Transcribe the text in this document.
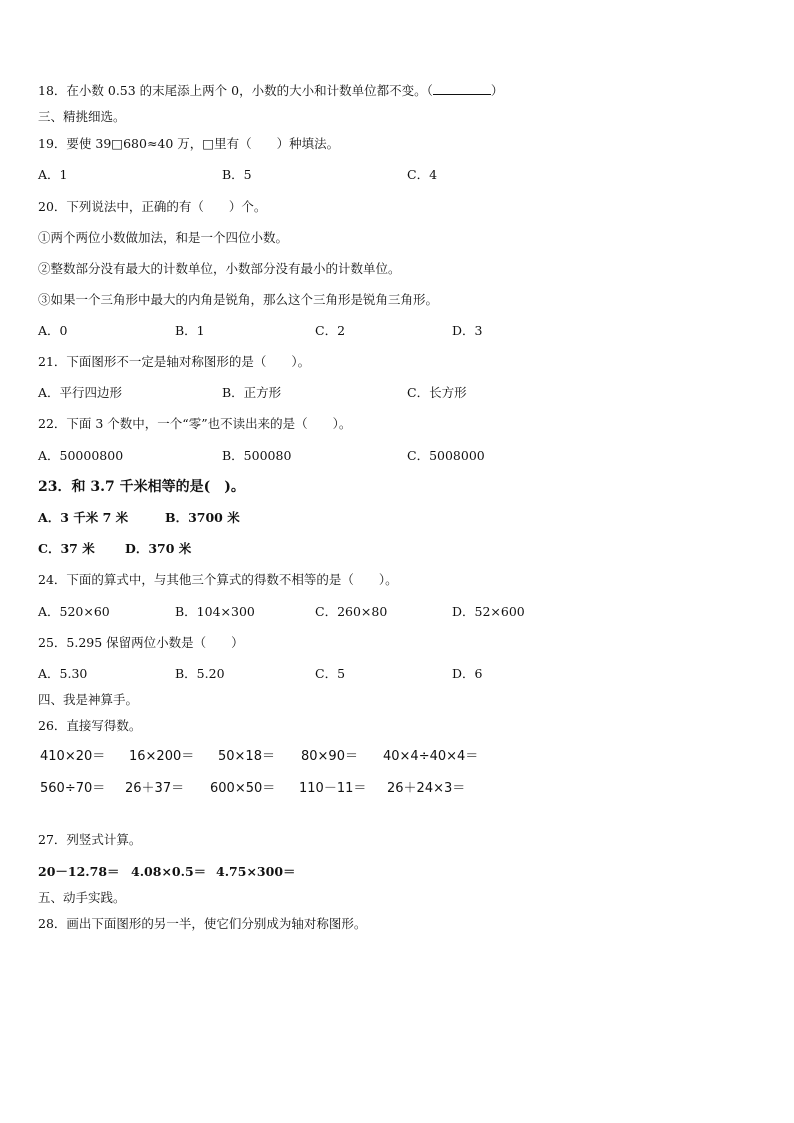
18．在小数 0.53 的末尾添上两个 0，小数的大小和计数单位都不变。（	）
三、精挑细选。
19．要使 39□680≈40 万，□里有（　　）种填法。
A．1	B．5	C．4
20．下列说法中，正确的有（　　）个。
①两个两位小数做加法，和是一个四位小数。
②整数部分没有最大的计数单位，小数部分没有最小的计数单位。
③如果一个三角形中最大的内角是锐角，那么这个三角形是锐角三角形。
A．0	B．1	C．2	D．3
21．下面图形不一定是轴对称图形的是（　　）。
A．平行四边形	B．正方形	C．长方形
22．下面 3 个数中，一个“零”也不读出来的是（　　）。
A．50000800	B．500080	C．5008000
23．和 3.7 千米相等的是(　)。
A．3 千米 7 米	B．3700 米
C．37 米 D．370 米
24．下面的算式中，与其他三个算式的得数不相等的是（　　）。
A．520×60	B．104×300	C．260×80	D．52×600
25．5.295 保留两位小数是（　　）
A．5.30	B．5.20	C．5	D．6
四、我是神算手。
26．直接写得数。
410×20＝ 16×200＝ 50×18＝ 80×90＝ 40×4÷40×4＝
560÷70＝ 26＋37＝ 600×50＝ 110－11＝ 26＋24×3＝
27．列竖式计算。
20－12.78＝ 4.08×0.5＝ 4.75×300＝
五、动手实践。
28．画出下面图形的另一半，使它们分别成为轴对称图形。
